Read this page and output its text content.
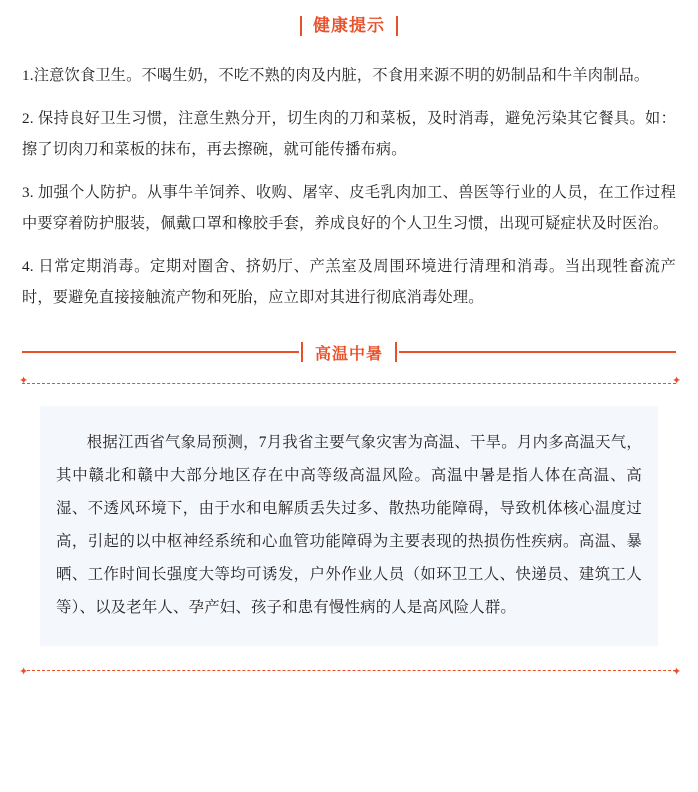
健康提示

1.注意饮食卫生。不喝生奶，不吃不熟的肉及内脏，不食用来源不明的奶制品和牛羊肉制品。

2. 保持良好卫生习惯，注意生熟分开，切生肉的刀和菜板，及时消毒，避免污染其它餐具。如：擦了切肉刀和菜板的抹布，再去擦碗，就可能传播布病。

3. 加强个人防护。从事牛羊饲养、收购、屠宰、皮毛乳肉加工、兽医等行业的人员，在工作过程中要穿着防护服装，佩戴口罩和橡胶手套，养成良好的个人卫生习惯，出现可疑症状及时医治。

4. 日常定期消毒。定期对圈舍、挤奶厅、产羔室及周围环境进行清理和消毒。当出现牲畜流产时，要避免直接接触流产物和死胎，应立即对其进行彻底消毒处理。

高温中暑
✦	✦
✦	✦

根据江西省气象局预测，7月我省主要气象灾害为高温、干旱。月内多高温天气，其中赣北和赣中大部分地区存在中高等级高温风险。高温中暑是指人体在高温、高湿、不透风环境下，由于水和电解质丢失过多、散热功能障碍，导致机体核心温度过高，引起的以中枢神经系统和心血管功能障碍为主要表现的热损伤性疾病。高温、暴晒、工作时间长强度大等均可诱发，户外作业人员（如环卫工人、快递员、建筑工人等）、以及老年人、孕产妇、孩子和患有慢性病的人是高风险人群。
